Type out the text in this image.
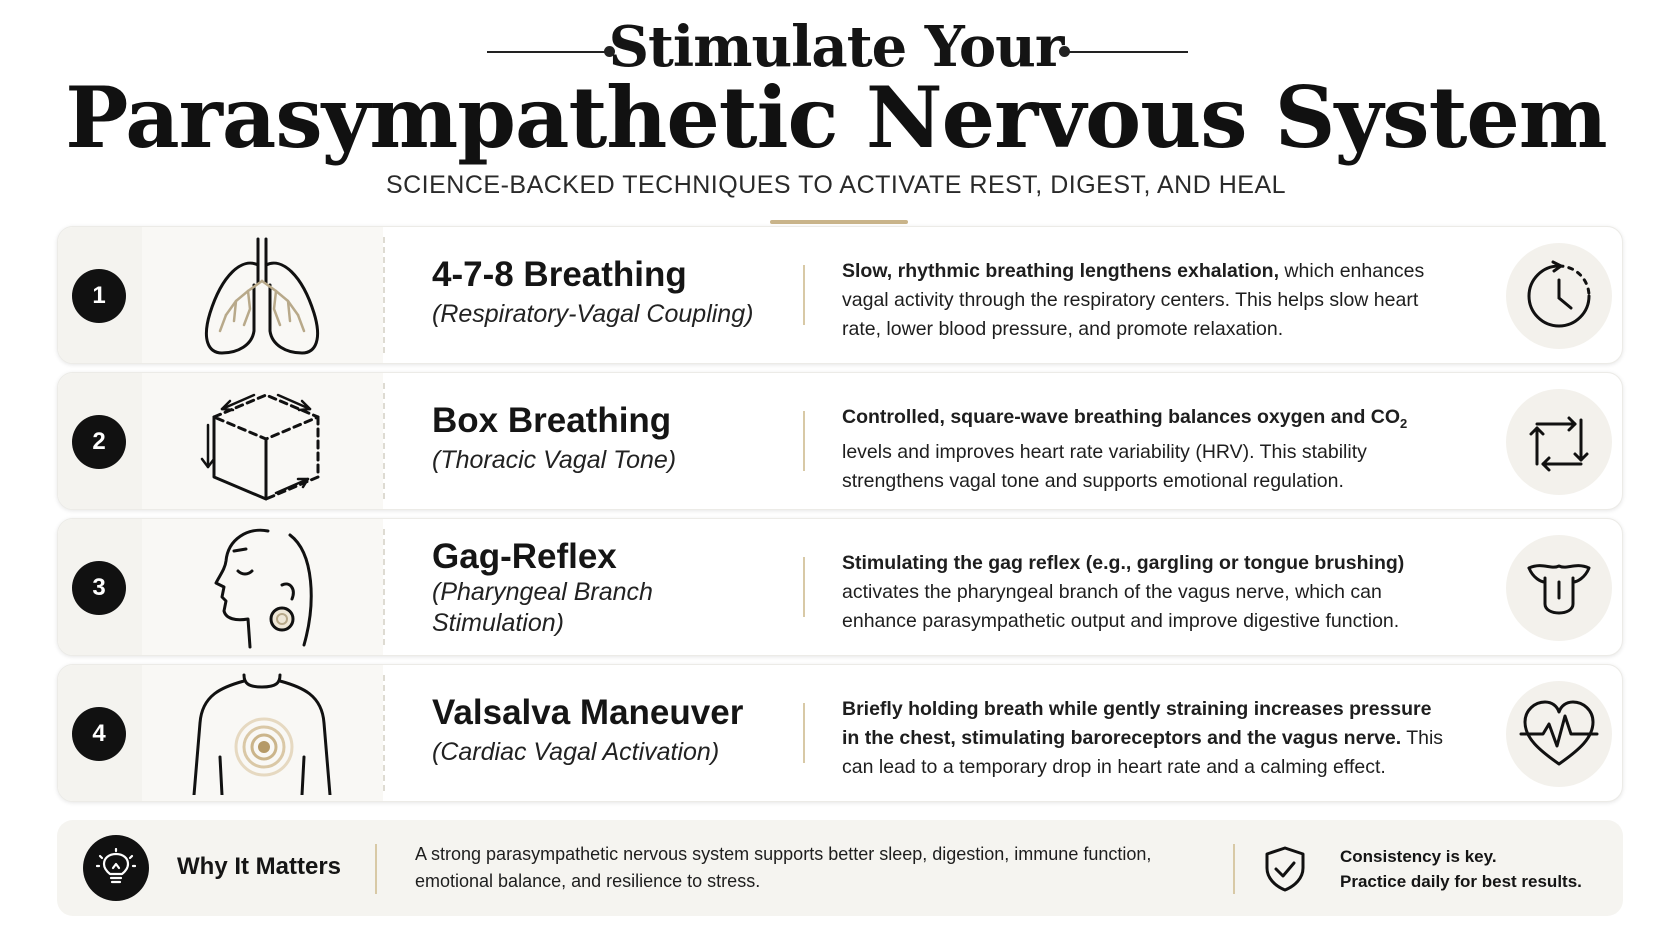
Stimulate Your
Parasympathetic Nervous System
SCIENCE-BACKED TECHNIQUES TO ACTIVATE REST, DIGEST, AND HEAL
1
4-7-8 Breathing
(Respiratory-Vagal Coupling)
Slow, rhythmic breathing lengthens exhalation, which enhances vagal activity through the respiratory centers. This helps slow heart rate, lower blood pressure, and promote relaxation.
2
Box Breathing
(Thoracic Vagal Tone)
Controlled, square-wave breathing balances oxygen and $CO_2$ levels and improves heart rate variability (HRV). This stability strengthens vagal tone and supports emotional regulation.
3
Gag-Reflex
(Pharyngeal Branch Stimulation)
Stimulating the gag reflex (e.g., gargling or tongue brushing) activates the pharyngeal branch of the vagus nerve, which can enhance parasympathetic output and improve digestive function.
4
Valsalva Maneuver
(Cardiac Vagal Activation)
Briefly holding breath while gently straining increases pressure in the chest, stimulating baroreceptors and the vagus nerve. This can lead to a temporary drop in heart rate and a calming effect.
Why It Matters	A strong parasympathetic nervous system supports better sleep, digestion, immune function, emotional balance, and resilience to stress.
Consistency is key.
Practice daily for best results.
